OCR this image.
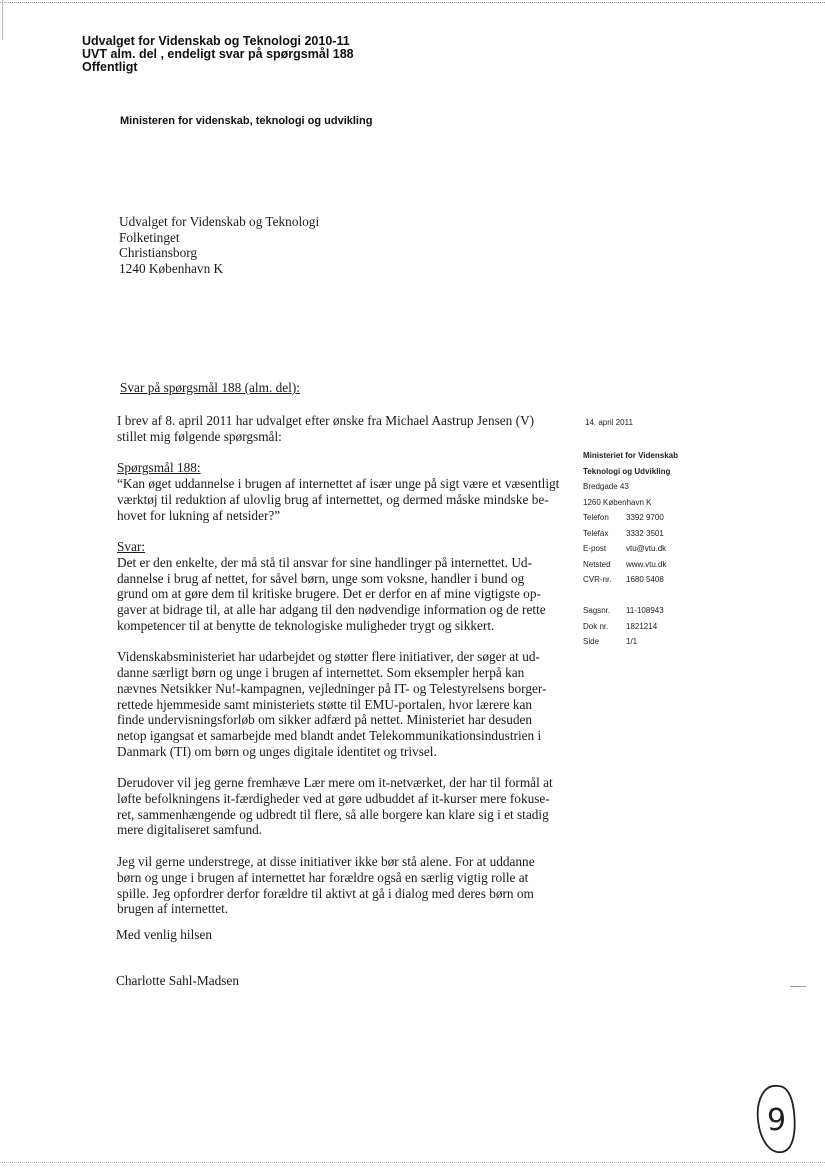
Udvalget for Videnskab og Teknologi 2010-11
UVT alm. del , endeligt svar på spørgsmål 188
Offentligt
Ministeren for videnskab, teknologi og udvikling
Udvalget for Videnskab og Teknologi
Folketinget
Christiansborg
1240 København K
Svar på spørgsmål 188 (alm. del):

I brev af 8. april 2011 har udvalget efter ønske fra Michael Aastrup Jensen (V)
stillet mig følgende spørgsmål:

Spørgsmål 188:

“Kan øget uddannelse i brugen af internettet af især unge på sigt være et væsentligt
værktøj til reduktion af ulovlig brug af internettet, og dermed måske mindske be-
hovet for lukning af netsider?”

Svar:

Det er den enkelte, der må stå til ansvar for sine handlinger på internettet. Ud-
dannelse i brug af nettet, for såvel børn, unge som voksne, handler i bund og
grund om at gøre dem til kritiske brugere. Det er derfor en af mine vigtigste op-
gaver at bidrage til, at alle har adgang til den nødvendige information og de rette
kompetencer til at benytte de teknologiske muligheder trygt og sikkert.

Videnskabsministeriet har udarbejdet og støtter flere initiativer, der søger at ud-
danne særligt børn og unge i brugen af internettet. Som eksempler herpå kan
nævnes Netsikker Nu!-kampagnen, vejledninger på IT- og Telestyrelsens borger-
rettede hjemmeside samt ministeriets støtte til EMU-portalen, hvor lærere kan
finde undervisningsforløb om sikker adfærd på nettet. Ministeriet har desuden
netop igangsat et samarbejde med blandt andet Telekommunikationsindustrien i
Danmark (TI) om børn og unges digitale identitet og trivsel.

Derudover vil jeg gerne fremhæve Lær mere om it-netværket, der har til formål at
løfte befolkningens it-færdigheder ved at gøre udbuddet af it-kurser mere fokuse-
ret, sammenhængende og udbredt til flere, så alle borgere kan klare sig i et stadig
mere digitaliseret samfund.

Jeg vil gerne understrege, at disse initiativer ikke bør stå alene. For at uddanne
børn og unge i brugen af internettet har forældre også en særlig vigtig rolle at
spille. Jeg opfordrer derfor forældre til aktivt at gå i dialog med deres børn om
brugen af internettet.

Med venlig hilsen
Charlotte Sahl-Madsen
14. april 2011
Ministeriet for Videnskab
Teknologi og Udvikling
Bredgade 43
1260 København K
Telefon	3392 9700
Telefax	3332 3501
E-post	vtu@vtu.dk
Netsted	www.vtu.dk
CVR-nr.	1680 5408
Sagsnr.	11-108943
Dok nr.	1821214
Side	1/1
9
